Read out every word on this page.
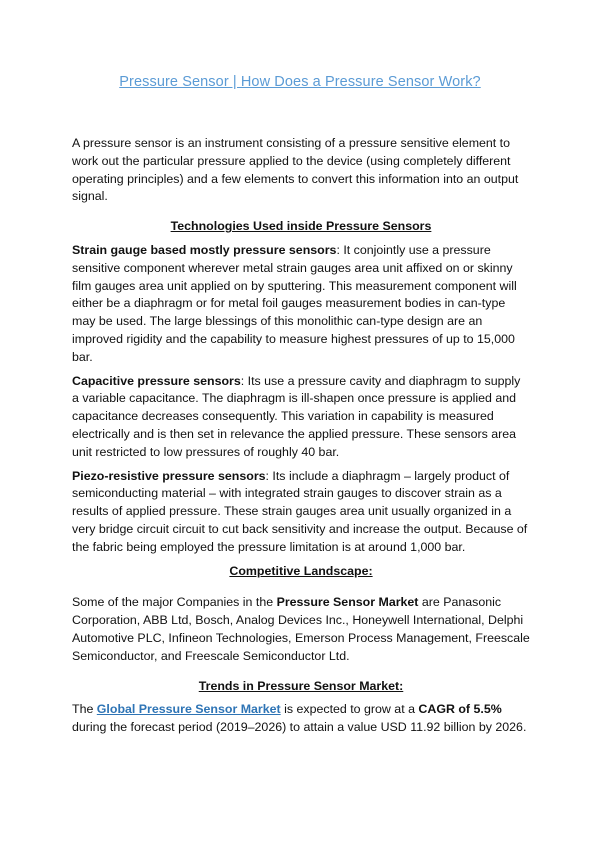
Pressure Sensor | How Does a Pressure Sensor Work?

A pressure sensor is an instrument consisting of a pressure sensitive element to work out the particular pressure applied to the device (using completely different operating principles) and a few elements to convert this information into an output signal.

Technologies Used inside Pressure Sensors

Strain gauge based mostly pressure sensors: It conjointly use a pressure sensitive component wherever metal strain gauges area unit affixed on or skinny film gauges area unit applied on by sputtering. This measurement component will either be a diaphragm or for metal foil gauges measurement bodies in can-type may be used. The large blessings of this monolithic can-type design are an improved rigidity and the capability to measure highest pressures of up to 15,000 bar.

Capacitive pressure sensors: Its use a pressure cavity and diaphragm to supply a variable capacitance. The diaphragm is ill-shapen once pressure is applied and capacitance decreases consequently. This variation in capability is measured electrically and is then set in relevance the applied pressure. These sensors area unit restricted to low pressures of roughly 40 bar.

Piezo-resistive pressure sensors: Its include a diaphragm – largely product of semiconducting material – with integrated strain gauges to discover strain as a results of applied pressure. These strain gauges area unit usually organized in a very bridge circuit circuit to cut back sensitivity and increase the output. Because of the fabric being employed the pressure limitation is at around 1,000 bar.

Competitive Landscape:

Some of the major Companies in the Pressure Sensor Market are Panasonic Corporation, ABB Ltd, Bosch, Analog Devices Inc., Honeywell International, Delphi Automotive PLC, Infineon Technologies, Emerson Process Management, Freescale Semiconductor, and Freescale Semiconductor Ltd.

Trends in Pressure Sensor Market:

The Global Pressure Sensor Market is expected to grow at a CAGR of 5.5% during the forecast period (2019–2026) to attain a value USD 11.92 billion by 2026.
